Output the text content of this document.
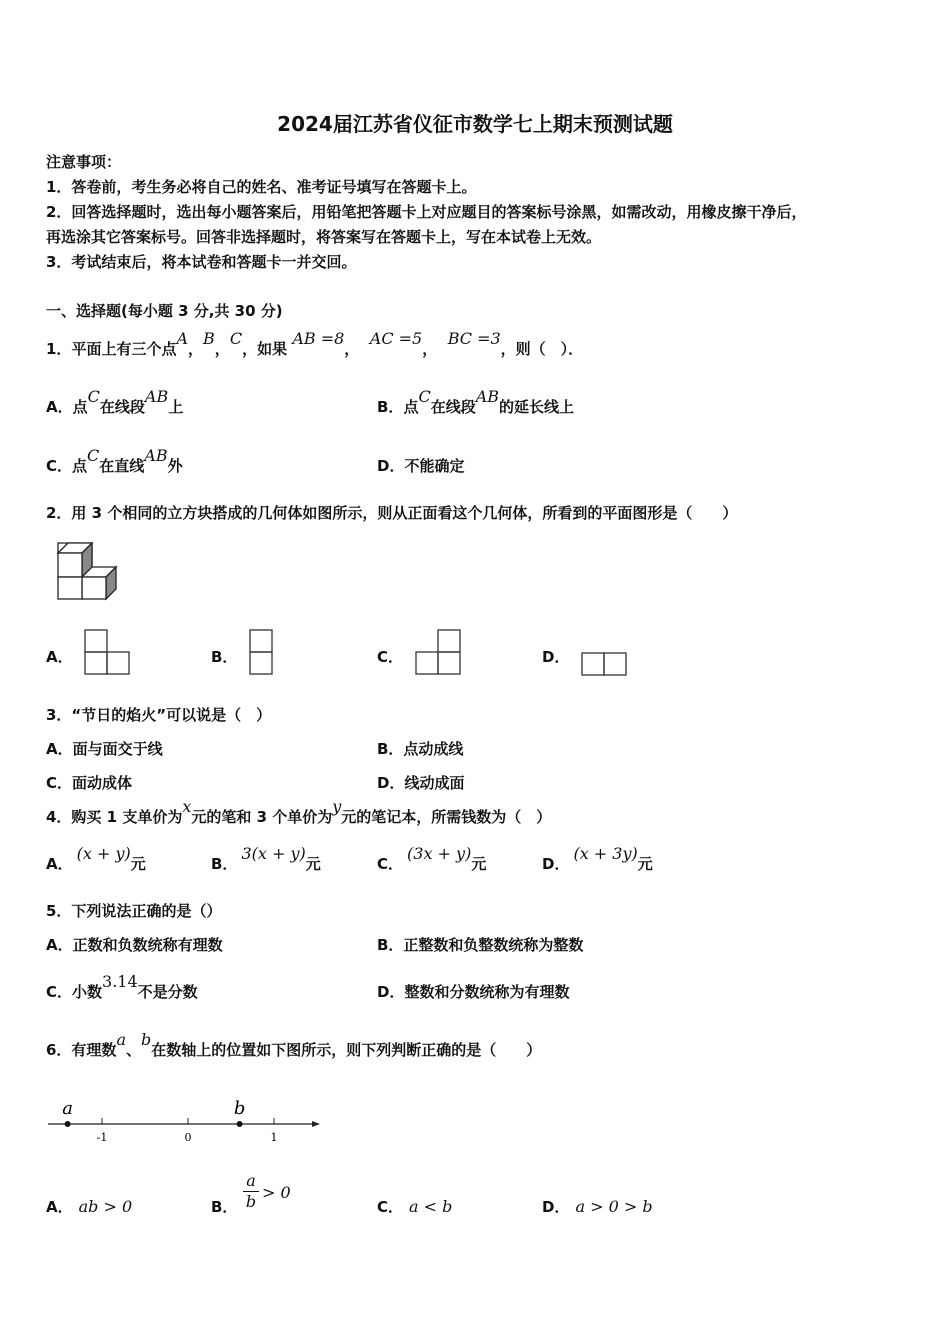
2024届江苏省仪征市数学七上期末预测试题
注意事项：
1．答卷前，考生务必将自己的姓名、准考证号填写在答题卡上。
2．回答选择题时，选出每小题答案后，用铅笔把答题卡上对应题目的答案标号涂黑，如需改动，用橡皮擦干净后，
再选涂其它答案标号。回答非选择题时，将答案写在答题卡上，写在本试卷上无效。
3．考试结束后，将本试卷和答题卡一并交回。
一、选择题(每小题 3 分,共 30 分)
1．平面上有三个点A，B，C，如果 AB =8，  AC =5，  BC =3，则（　）．
A．点C在线段AB上	B．点C在线段AB的延长线上
C．点C在直线AB外	D．不能确定
2．用 3 个相同的立方块搭成的几何体如图所示，则从正面看这个几何体，所看到的平面图形是（　　）
A．	B．	C．	D．
3．“节日的焰火”可以说是（　）
A．面与面交于线	B．点动成线
C．面动成体	D．线动成面
4．购买 1 支单价为x元的笔和 3 个单价为y元的笔记本，所需钱数为（　）
A．(x + y)元	B．3(x + y)元	C．(3x + y)元	D．(x + 3y)元
5．下列说法正确的是（）
A．正数和负数统称有理数	B．正整数和负整数统称为整数
C．小数3.14不是分数	D．整数和分数统称为有理数
6．有理数a、b在数轴上的位置如下图所示，则下列判断正确的是（　　）
-1	0	1
a	b
A． ab > 0	B．
a
b > 0
C． a < b	D． a > 0 > b
